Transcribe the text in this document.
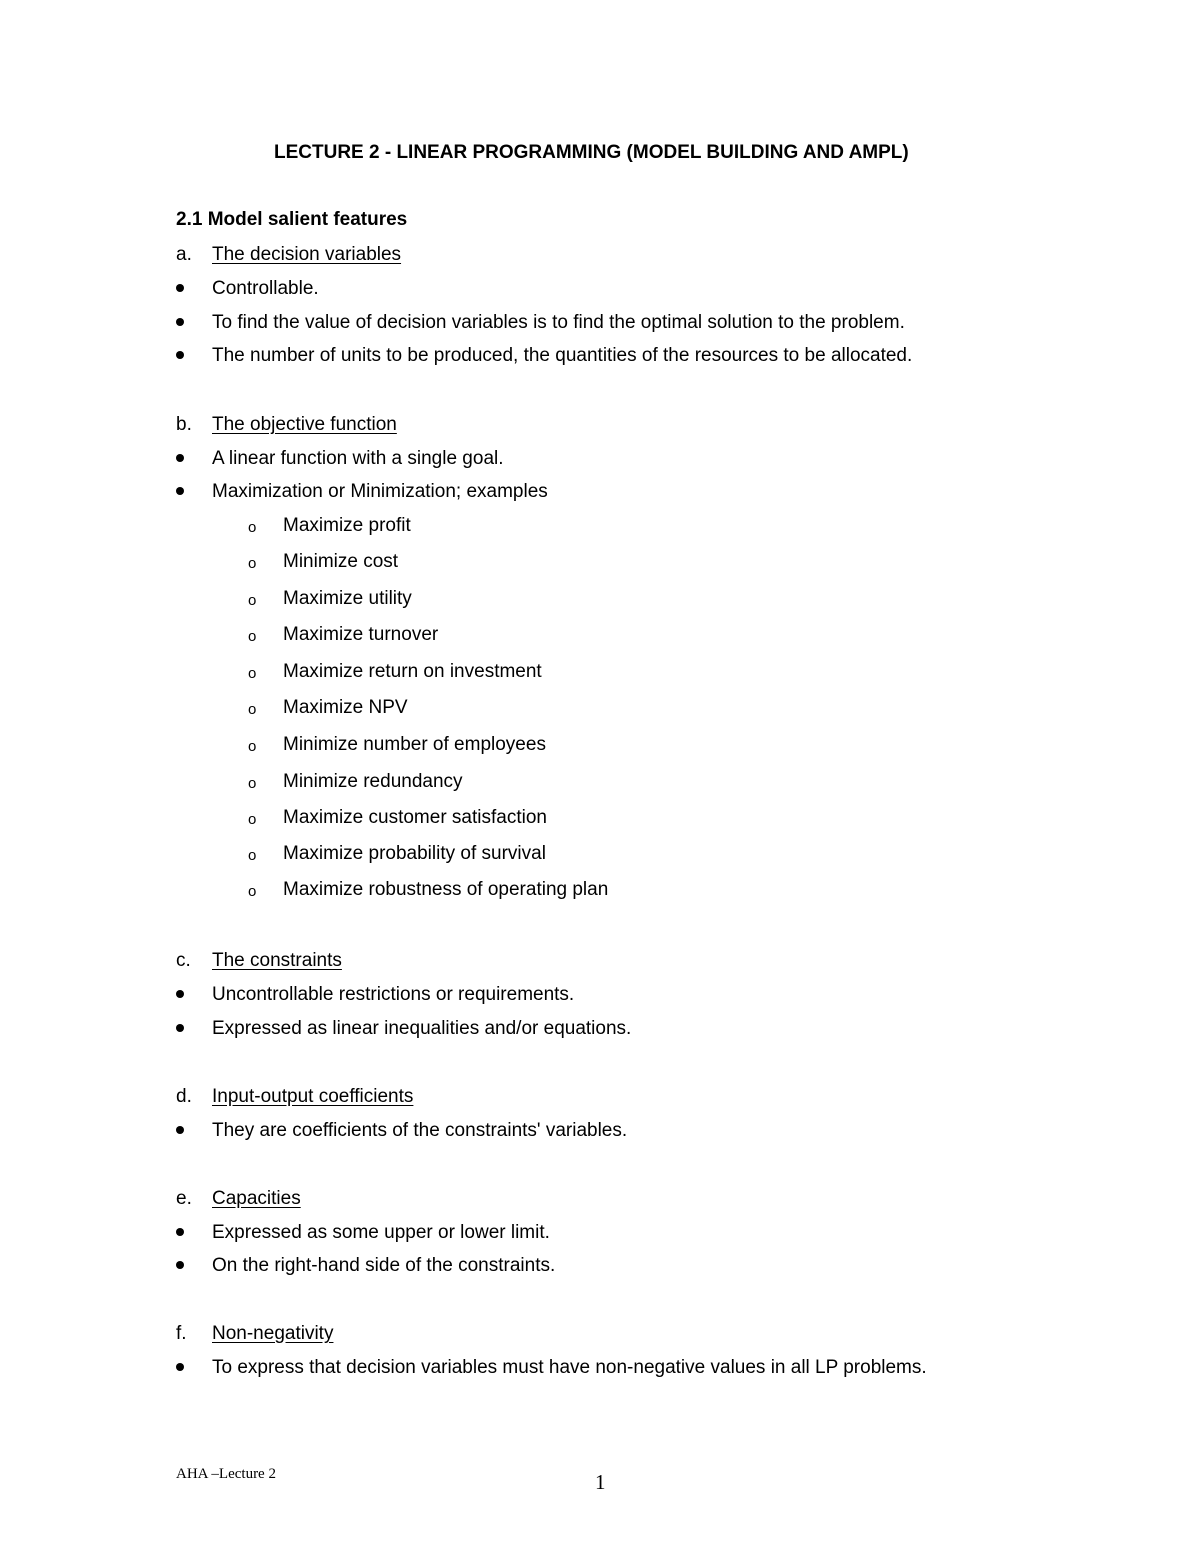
LECTURE 2 - LINEAR PROGRAMMING (MODEL BUILDING AND AMPL)
2.1 Model salient features
a. The decision variables
Controllable.
To find the value of decision variables is to find the optimal solution to the problem.
The number of units to be produced, the quantities of the resources to be allocated.
b. The objective function
A linear function with a single goal.
Maximization or Minimization; examples
o Maximize profit
o Minimize cost
o Maximize utility
o Maximize turnover
o Maximize return on investment
o Maximize NPV
o Minimize number of employees
o Minimize redundancy
o Maximize customer satisfaction
o Maximize probability of survival
o Maximize robustness of operating plan
c. The constraints
Uncontrollable restrictions or requirements.
Expressed as linear inequalities and/or equations.
d. Input-output coefficients
They are coefficients of the constraints' variables.
e. Capacities
Expressed as some upper or lower limit.
On the right-hand side of the constraints.
f. Non-negativity
To express that decision variables must have non-negative values in all LP problems.
AHA –Lecture 2	1
